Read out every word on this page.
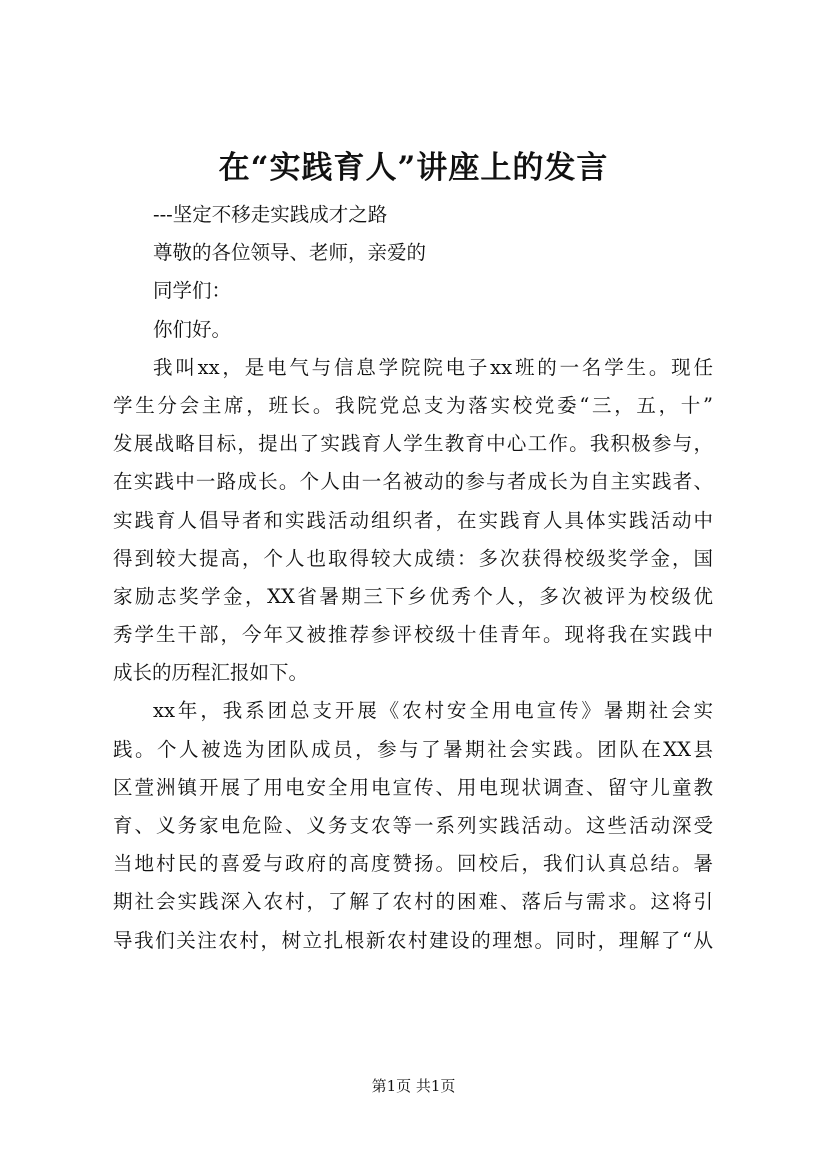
在“实践育人”讲座上的发言
---坚定不移走实践成才之路
尊敬的各位领导、老师，亲爱的
同学们：
你们好。
我叫xx，是电气与信息学院院电子xx班的一名学生。现任
学生分会主席，班长。我院党总支为落实校党委“三，五，十”
发展战略目标，提出了实践育人学生教育中心工作。我积极参与，
在实践中一路成长。个人由一名被动的参与者成长为自主实践者、
实践育人倡导者和实践活动组织者，在实践育人具体实践活动中
得到较大提高，个人也取得较大成绩：多次获得校级奖学金，国
家励志奖学金，XX省暑期三下乡优秀个人，多次被评为校级优
秀学生干部，今年又被推荐参评校级十佳青年。现将我在实践中
成长的历程汇报如下。
xx年，我系团总支开展《农村安全用电宣传》暑期社会实
践。个人被选为团队成员，参与了暑期社会实践。团队在XX县
区萱洲镇开展了用电安全用电宣传、用电现状调查、留守儿童教
育、义务家电危险、义务支农等一系列实践活动。这些活动深受
当地村民的喜爱与政府的高度赞扬。回校后，我们认真总结。暑
期社会实践深入农村，了解了农村的困难、落后与需求。这将引
导我们关注农村，树立扎根新农村建设的理想。同时，理解了“从
第1页 共1页
